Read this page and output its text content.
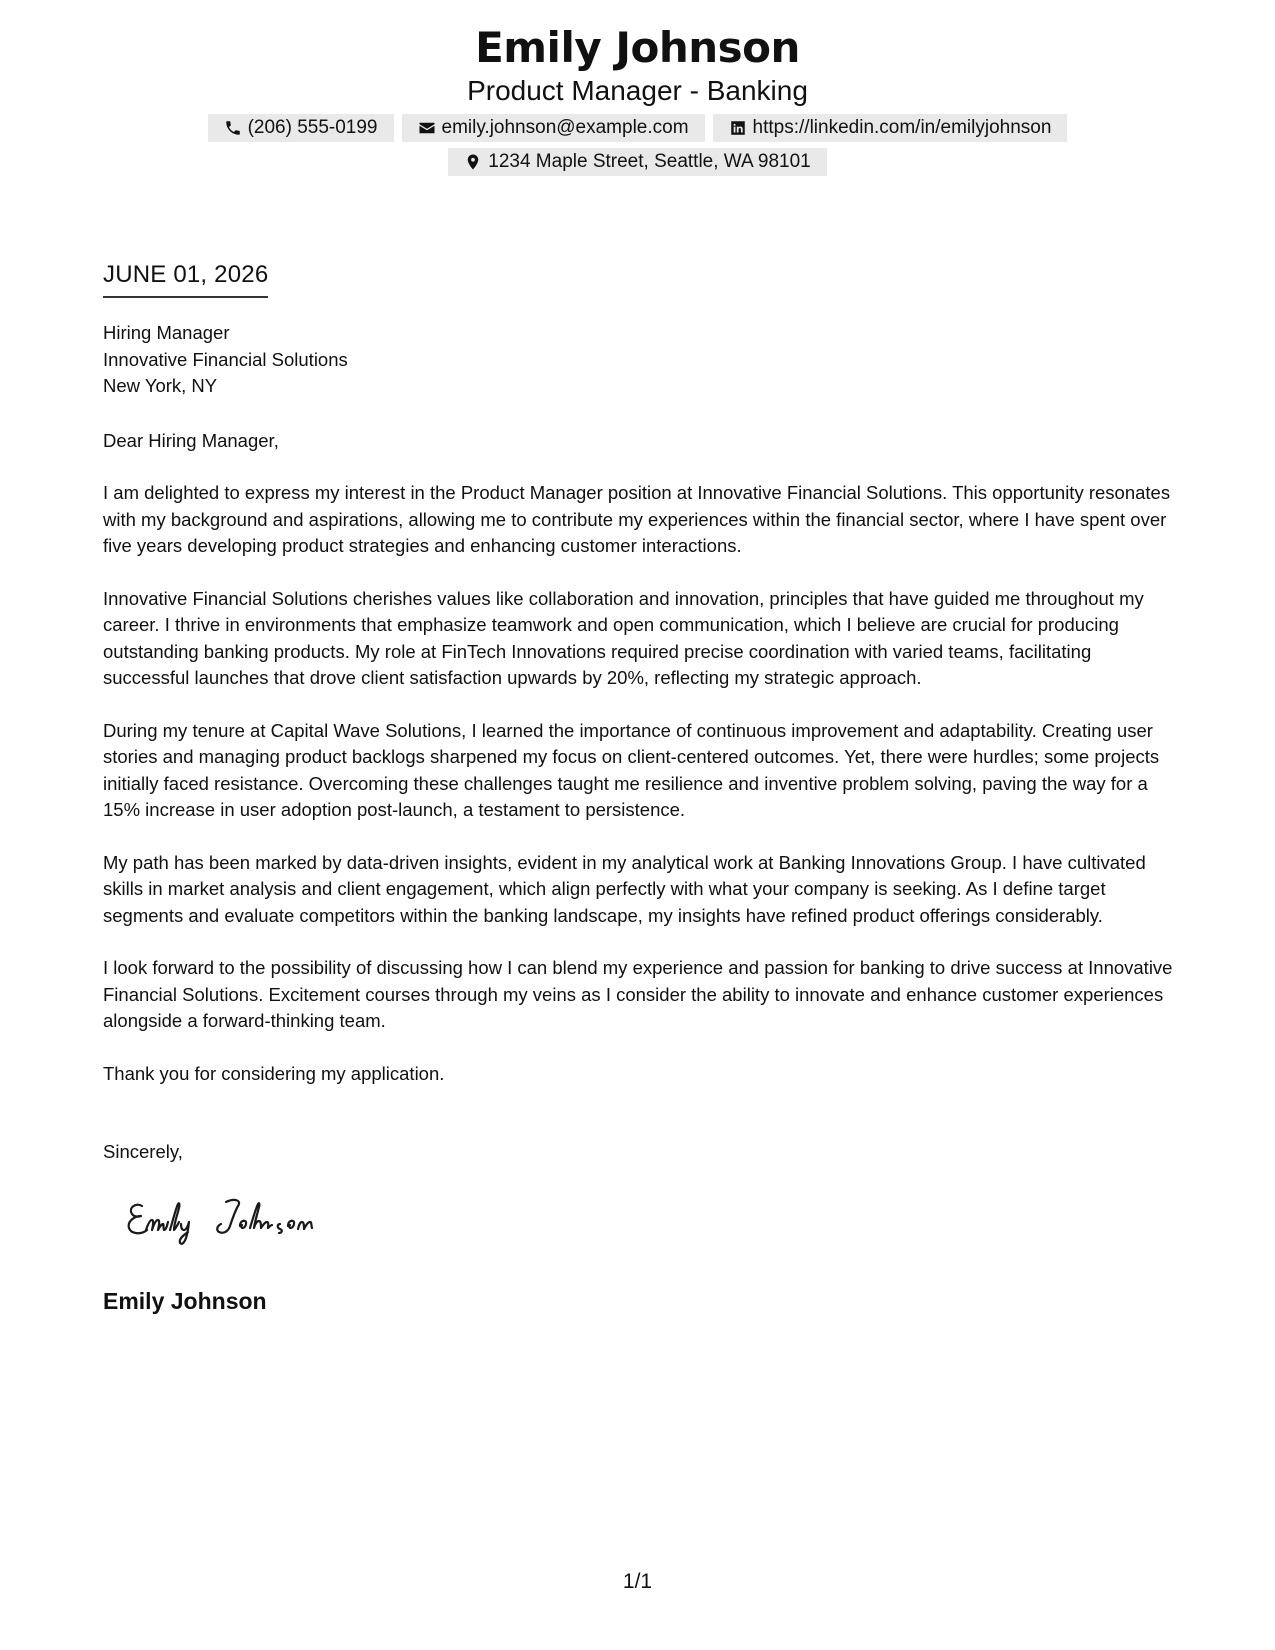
Emily Johnson
Product Manager - Banking
(206) 555-0199	emily.johnson@example.com	https://linkedin.com/in/emilyjohnson
1234 Maple Street, Seattle, WA 98101
JUNE 01, 2026
Hiring Manager
Innovative Financial Solutions
New York, NY
Dear Hiring Manager,

I am delighted to express my interest in the Product Manager position at Innovative Financial Solutions. This opportunity resonates with my background and aspirations, allowing me to contribute my experiences within the financial sector, where I have spent over five years developing product strategies and enhancing customer interactions.

Innovative Financial Solutions cherishes values like collaboration and innovation, principles that have guided me throughout my career. I thrive in environments that emphasize teamwork and open communication, which I believe are crucial for producing outstanding banking products. My role at FinTech Innovations required precise coordination with varied teams, facilitating successful launches that drove client satisfaction upwards by 20%, reflecting my strategic approach.

During my tenure at Capital Wave Solutions, I learned the importance of continuous improvement and adaptability. Creating user stories and managing product backlogs sharpened my focus on client-centered outcomes. Yet, there were hurdles; some projects initially faced resistance. Overcoming these challenges taught me resilience and inventive problem solving, paving the way for a 15% increase in user adoption post-launch, a testament to persistence.

My path has been marked by data-driven insights, evident in my analytical work at Banking Innovations Group. I have cultivated skills in market analysis and client engagement, which align perfectly with what your company is seeking. As I define target segments and evaluate competitors within the banking landscape, my insights have refined product offerings considerably.

I look forward to the possibility of discussing how I can blend my experience and passion for banking to drive success at Innovative Financial Solutions. Excitement courses through my veins as I consider the ability to innovate and enhance customer experiences alongside a forward-thinking team.

Thank you for considering my application.

Sincerely,
Emily Johnson
1/1
